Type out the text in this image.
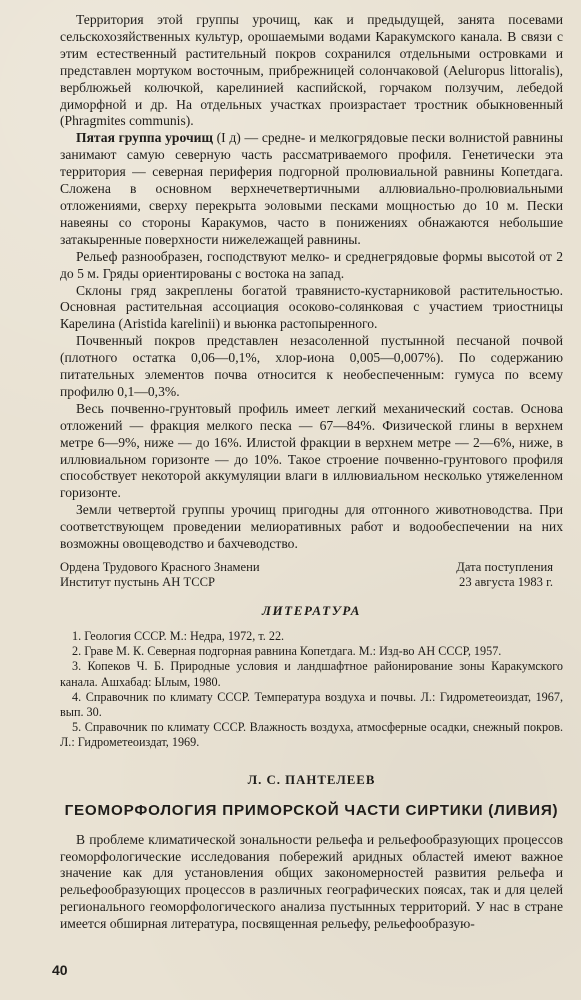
Территория этой группы урочищ, как и предыдущей, занята посевами сельскохозяйственных культур, орошаемыми водами Каракумского канала. В связи с этим естественный растительный покров сохранился отдельными островками и представлен мортуком восточным, прибрежницей солончаковой (Aeluropus littoralis), верблюжьей колючкой, карелинией каспийской, горчаком ползучим, лебедой диморфной и др. На отдельных участках произрастает тростник обыкновенный (Phragmites communis).

Пятая группа урочищ (I д) — средне- и мелкогрядовые пески волнистой равнины занимают самую северную часть рассматриваемого профиля. Генетически эта территория — северная периферия подгорной пролювиальной равнины Копетдага. Сложена в основном верхнечетвертичными аллювиально-пролювиальными отложениями, сверху перекрыта эоловыми песками мощностью до 10 м. Пески навеяны со стороны Каракумов, часто в понижениях обнажаются небольшие затакыренные поверхности нижележащей равнины.

Рельеф разнообразен, господствуют мелко- и среднегрядовые формы высотой от 2 до 5 м. Гряды ориентированы с востока на запад.

Склоны гряд закреплены богатой травянисто-кустарниковой растительностью. Основная растительная ассоциация осоково-солянковая с участием триостницы Карелина (Aristida karelinii) и вьюнка растопыренного.

Почвенный покров представлен незасоленной пустынной песчаной почвой (плотного остатка 0,06—0,1%, хлор-иона 0,005—0,007%). По содержанию питательных элементов почва относится к необеспеченным: гумуса по всему профилю 0,1—0,3%.

Весь почвенно-грунтовый профиль имеет легкий механический состав. Основа отложений — фракция мелкого песка — 67—84%. Физической глины в верхнем метре 6—9%, ниже — до 16%. Илистой фракции в верхнем метре — 2—6%, ниже, в иллювиальном горизонте — до 10%. Такое строение почвенно-грунтового профиля способствует некоторой аккумуляции влаги в иллювиальном несколько утяжеленном горизонте.

Земли четвертой группы урочищ пригодны для отгонного животноводства. При соответствующем проведении мелиоративных работ и водообеспечении на них возможны овощеводство и бахчеводство.

Ордена Трудового Красного Знамени
Институт пустынь АН ТССР
Дата поступления
23 августа 1983 г.
ЛИТЕРАТУРА
1. Геология СССР. М.: Недра, 1972, т. 22.
2. Граве М. К. Северная подгорная равнина Копетдага. М.: Изд-во АН СССР, 1957.
3. Копеков Ч. Б. Природные условия и ландшафтное районирование зоны Каракумского канала. Ашхабад: Ылым, 1980.
4. Справочник по климату СССР. Температура воздуха и почвы. Л.: Гидрометеоиздат, 1967, вып. 30.
5. Справочник по климату СССР. Влажность воздуха, атмосферные осадки, снежный покров. Л.: Гидрометеоиздат, 1969.
Л. С. ПАНТЕЛЕЕВ
ГЕОМОРФОЛОГИЯ ПРИМОРСКОЙ ЧАСТИ СИРТИКИ (ЛИВИЯ)

В проблеме климатической зональности рельефа и рельефообразующих процессов геоморфологические исследования побережий аридных областей имеют важное значение как для установления общих закономерностей развития рельефа и рельефообразующих процессов в различных географических поясах, так и для целей регионального геоморфологического анализа пустынных территорий. У нас в стране имеется обширная литература, посвященная рельефу, рельефообразую-

40
